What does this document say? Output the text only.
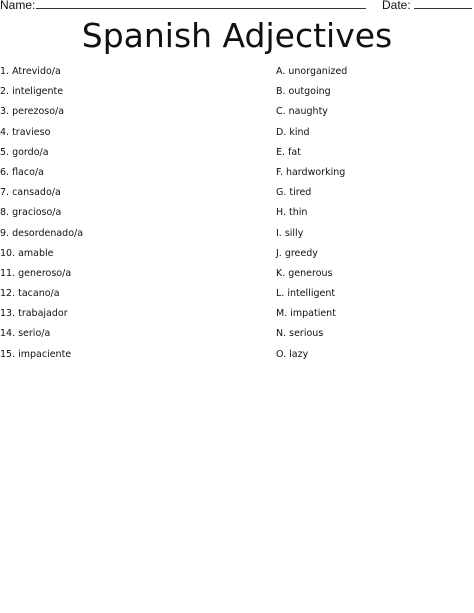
Name:	Date:
Spanish Adjectives
1. Atrevido/a
2. inteligente
3. perezoso/a
4. travieso
5. gordo/a
6. flaco/a
7. cansado/a
8. gracioso/a
9. desordenado/a
10. amable
11. generoso/a
12. tacano/a
13. trabajador
14. serio/a
15. impaciente
A. unorganized
B. outgoing
C. naughty
D. kind
E. fat
F. hardworking
G. tired
H. thin
I. silly
J. greedy
K. generous
L. intelligent
M. impatient
N. serious
O. lazy
